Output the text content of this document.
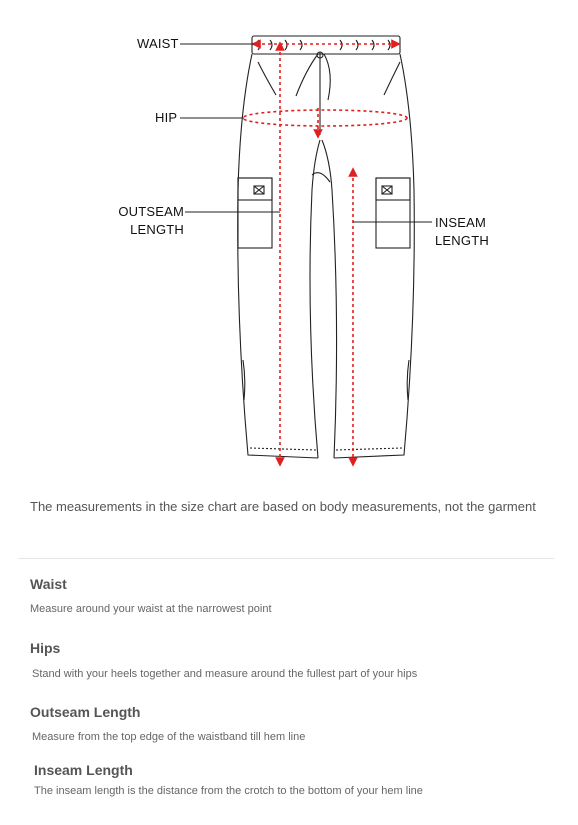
WAIST
HIP
OUTSEAM
LENGTH	INSEAM
LENGTH
The measurements in the size chart are based on body measurements, not the garment
Waist
Measure around your waist at the narrowest point
Hips
Stand with your heels together and measure around the fullest part of your hips
Outseam Length
Measure from the top edge of the waistband till hem line
Inseam Length
The inseam length is the distance from the crotch to the bottom of your hem line
